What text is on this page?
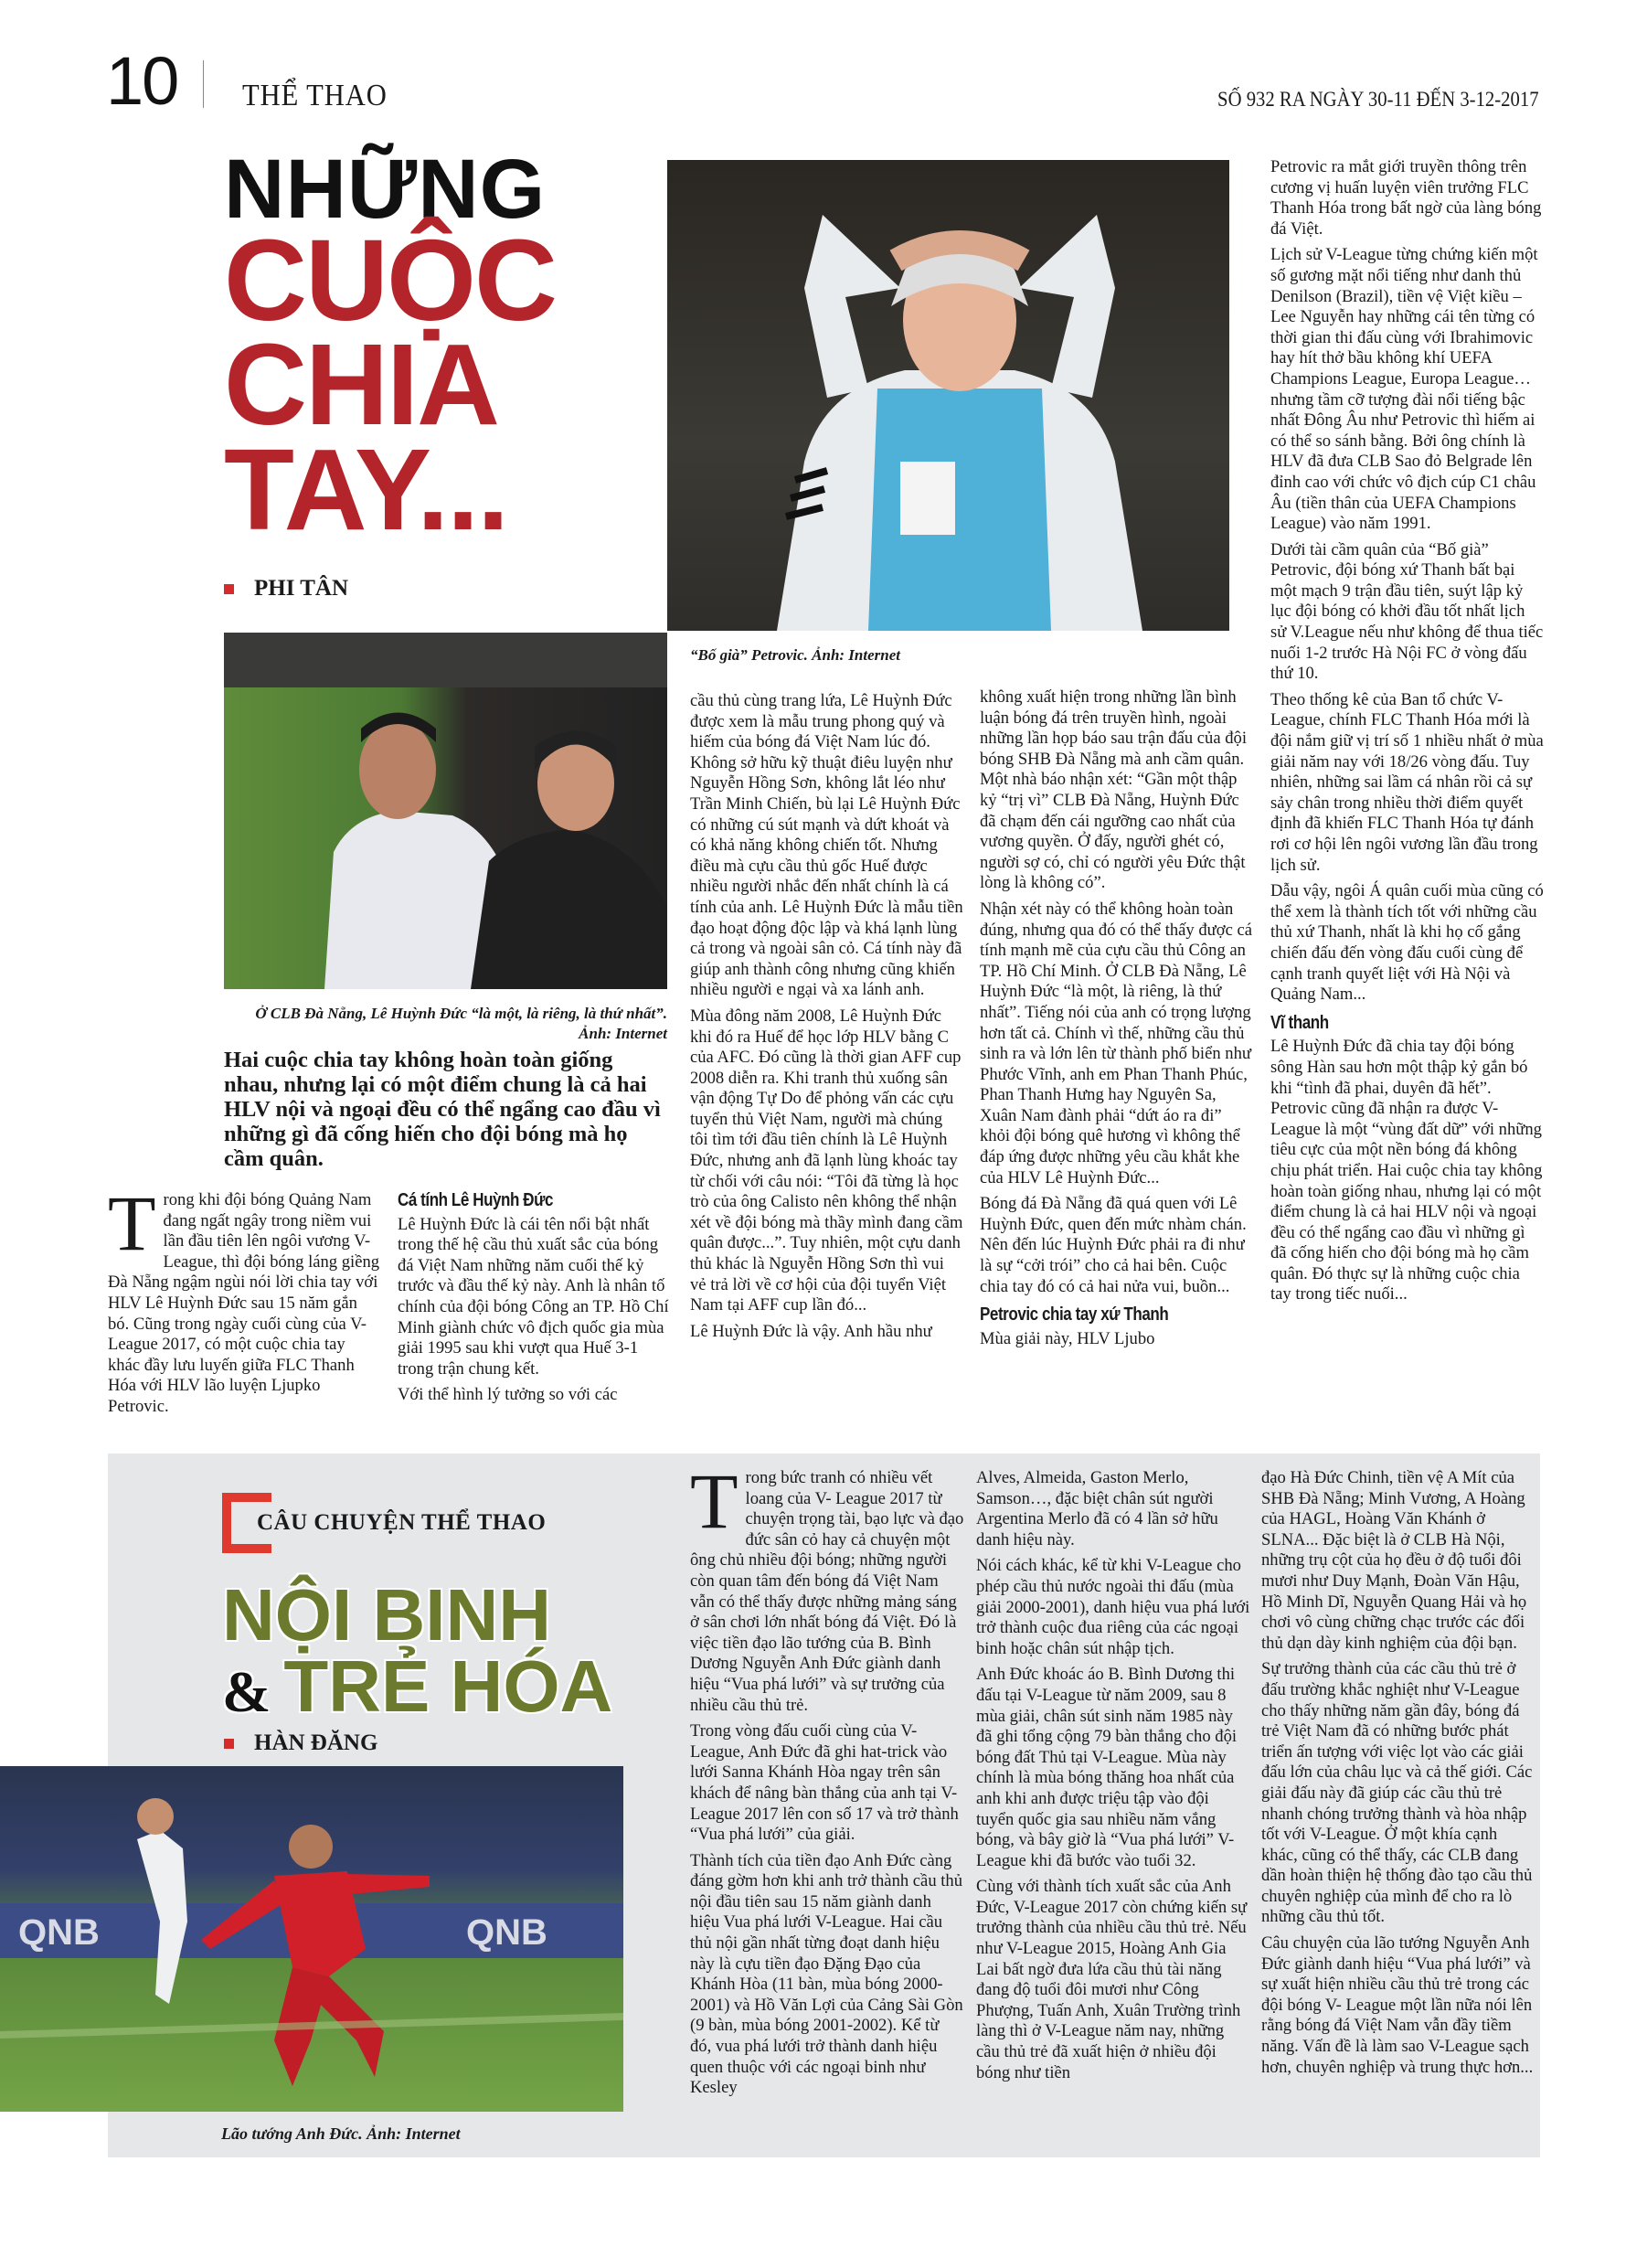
10 THỂ THAO	SỐ 932 RA NGÀY 30-11 ĐẾN 3-12-2017
NHỮNG
CUỘC
CHIA
TAY...
PHI TÂN
“Bố già” Petrovic. Ảnh: Internet
Ở CLB Đà Nẵng, Lê Huỳnh Đức “là một, là riêng, là thứ nhất”. Ảnh: Internet
Hai cuộc chia tay không hoàn toàn giống nhau, nhưng lại có một điểm chung là cả hai HLV nội và ngoại đều có thể ngẩng cao đầu vì những gì đã cống hiến cho đội bóng mà họ cầm quân.

Trong khi đội bóng Quảng Nam đang ngất ngây trong niềm vui lần đầu tiên lên ngôi vương V-League, thì đội bóng láng giềng Đà Nẵng ngậm ngùi nói lời chia tay với HLV Lê Huỳnh Đức sau 15 năm gắn bó. Cũng trong ngày cuối cùng của V-League 2017, có một cuộc chia tay khác đầy lưu luyến giữa FLC Thanh Hóa với HLV lão luyện Ljupko Petrovic.

Cá tính Lê Huỳnh Đức

Lê Huỳnh Đức là cái tên nổi bật nhất trong thế hệ cầu thủ xuất sắc của bóng đá Việt Nam những năm cuối thế kỷ trước và đầu thế kỷ này. Anh là nhân tố chính của đội bóng Công an TP. Hồ Chí Minh giành chức vô địch quốc gia mùa giải 1995 sau khi vượt qua Huế 3-1 trong trận chung kết.

Với thể hình lý tưởng so với các

cầu thủ cùng trang lứa, Lê Huỳnh Đức được xem là mẫu trung phong quý và hiếm của bóng đá Việt Nam lúc đó. Không sở hữu kỹ thuật điêu luyện như Nguyễn Hồng Sơn, không lắt léo như Trần Minh Chiến, bù lại Lê Huỳnh Đức có những cú sút mạnh và dứt khoát và có khả năng không chiến tốt. Nhưng điều mà cựu cầu thủ gốc Huế được nhiều người nhắc đến nhất chính là cá tính của anh. Lê Huỳnh Đức là mẫu tiền đạo hoạt động độc lập và khá lạnh lùng cả trong và ngoài sân cỏ. Cá tính này đã giúp anh thành công nhưng cũng khiến nhiều người e ngại và xa lánh anh.

Mùa đông năm 2008, Lê Huỳnh Đức khi đó ra Huế để học lớp HLV bằng C của AFC. Đó cũng là thời gian AFF cup 2008 diễn ra. Khi tranh thủ xuống sân vận động Tự Do để phỏng vấn các cựu tuyển thủ Việt Nam, người mà chúng tôi tìm tới đầu tiên chính là Lê Huỳnh Đức, nhưng anh đã lạnh lùng khoác tay từ chối với câu nói: “Tôi đã từng là học trò của ông Calisto nên không thể nhận xét về đội bóng mà thầy mình đang cầm quân được...”. Tuy nhiên, một cựu danh thủ khác là Nguyễn Hồng Sơn thì vui vẻ trả lời về cơ hội của đội tuyển Việt Nam tại AFF cup lần đó...

Lê Huỳnh Đức là vậy. Anh hầu như

không xuất hiện trong những lần bình luận bóng đá trên truyền hình, ngoài những lần họp báo sau trận đấu của đội bóng SHB Đà Nẵng mà anh cầm quân. Một nhà báo nhận xét: “Gần một thập kỷ “trị vì” CLB Đà Nẵng, Huỳnh Đức đã chạm đến cái ngưỡng cao nhất của vương quyền. Ở đấy, người ghét có, người sợ có, chỉ có người yêu Đức thật lòng là không có”.

Nhận xét này có thể không hoàn toàn đúng, nhưng qua đó có thể thấy được cá tính mạnh mẽ của cựu cầu thủ Công an TP. Hồ Chí Minh. Ở CLB Đà Nẵng, Lê Huỳnh Đức “là một, là riêng, là thứ nhất”. Tiếng nói của anh có trọng lượng hơn tất cả. Chính vì thế, những cầu thủ sinh ra và lớn lên từ thành phố biển như Phước Vĩnh, anh em Phan Thanh Phúc, Phan Thanh Hưng hay Nguyên Sa, Xuân Nam đành phải “dứt áo ra đi” khỏi đội bóng quê hương vì không thể đáp ứng được những yêu cầu khắt khe của HLV Lê Huỳnh Đức...

Bóng đá Đà Nẵng đã quá quen với Lê Huỳnh Đức, quen đến mức nhàm chán. Nên đến lúc Huỳnh Đức phải ra đi như là sự “cởi trói” cho cả hai bên. Cuộc chia tay đó có cả hai nửa vui, buồn...

Petrovic chia tay xứ Thanh

Mùa giải này, HLV Ljubo

Petrovic ra mắt giới truyền thông trên cương vị huấn luyện viên trưởng FLC Thanh Hóa trong bất ngờ của làng bóng đá Việt.

Lịch sử V-League từng chứng kiến một số gương mặt nổi tiếng như danh thủ Denilson (Brazil), tiền vệ Việt kiều – Lee Nguyễn hay những cái tên từng có thời gian thi đấu cùng với Ibrahimovic hay hít thở bầu không khí UEFA Champions League, Europa League… nhưng tầm cỡ tượng đài nổi tiếng bậc nhất Đông Âu như Petrovic thì hiếm ai có thể so sánh bằng. Bởi ông chính là HLV đã đưa CLB Sao đỏ Belgrade lên đỉnh cao với chức vô địch cúp C1 châu Âu (tiền thân của UEFA Champions League) vào năm 1991.

Dưới tài cầm quân của “Bố già” Petrovic, đội bóng xứ Thanh bất bại một mạch 9 trận đầu tiên, suýt lập kỷ lục đội bóng có khởi đầu tốt nhất lịch sử V.League nếu như không để thua tiếc nuối 1-2 trước Hà Nội FC ở vòng đấu thứ 10.

Theo thống kê của Ban tổ chức V-League, chính FLC Thanh Hóa mới là đội nắm giữ vị trí số 1 nhiều nhất ở mùa giải năm nay với 18/26 vòng đấu. Tuy nhiên, những sai lầm cá nhân rồi cả sự sảy chân trong nhiều thời điểm quyết định đã khiến FLC Thanh Hóa tự đánh rơi cơ hội lên ngôi vương lần đầu trong lịch sử.

Dẫu vậy, ngôi Á quân cuối mùa cũng có thể xem là thành tích tốt với những cầu thủ xứ Thanh, nhất là khi họ cố gắng chiến đấu đến vòng đấu cuối cùng để cạnh tranh quyết liệt với Hà Nội và Quảng Nam...

Vĩ thanh

Lê Huỳnh Đức đã chia tay đội bóng sông Hàn sau hơn một thập kỷ gắn bó khi “tình đã phai, duyên đã hết”. Petrovic cũng đã nhận ra được V-League là một “vùng đất dữ” với những tiêu cực của một nền bóng đá không chịu phát triển. Hai cuộc chia tay không hoàn toàn giống nhau, nhưng lại có một điểm chung là cả hai HLV nội và ngoại đều có thể ngẩng cao đầu vì những gì đã cống hiến cho đội bóng mà họ cầm quân. Đó thực sự là những cuộc chia tay trong tiếc nuối...

CÂU CHUYỆN THỂ THAO
NỘI BINH
& TRẺ HÓA
HÀN ĐĂNG
QNB	QNB
Lão tướng Anh Đức. Ảnh: Internet

Trong bức tranh có nhiều vết loang của V- League 2017 từ chuyện trọng tài, bạo lực và đạo đức sân cỏ hay cả chuyện một ông chủ nhiều đội bóng; những người còn quan tâm đến bóng đá Việt Nam vẫn có thể thấy được những mảng sáng ở sân chơi lớn nhất bóng đá Việt. Đó là việc tiền đạo lão tướng của B. Bình Dương Nguyễn Anh Đức giành danh hiệu “Vua phá lưới” và sự trưởng của nhiều cầu thủ trẻ.

Trong vòng đấu cuối cùng của V-League, Anh Đức đã ghi hat-trick vào lưới Sanna Khánh Hòa ngay trên sân khách để nâng bàn thắng của anh tại V-League 2017 lên con số 17 và trở thành “Vua phá lưới” của giải.

Thành tích của tiền đạo Anh Đức càng đáng gờm hơn khi anh trở thành cầu thủ nội đầu tiên sau 15 năm giành danh hiệu Vua phá lưới V-League. Hai cầu thủ nội gần nhất từng đoạt danh hiệu này là cựu tiền đạo Đặng Đạo của Khánh Hòa (11 bàn, mùa bóng 2000-2001) và Hồ Văn Lợi của Cảng Sài Gòn (9 bàn, mùa bóng 2001-2002). Kể từ đó, vua phá lưới trở thành danh hiệu quen thuộc với các ngoại binh như Kesley

Alves, Almeida, Gaston Merlo, Samson…, đặc biệt chân sút người Argentina Merlo đã có 4 lần sở hữu danh hiệu này.

Nói cách khác, kể từ khi V-League cho phép cầu thủ nước ngoài thi đấu (mùa giải 2000-2001), danh hiệu vua phá lưới trở thành cuộc đua riêng của các ngoại binh hoặc chân sút nhập tịch.

Anh Đức khoác áo B. Bình Dương thi đấu tại V-League từ năm 2009, sau 8 mùa giải, chân sút sinh năm 1985 này đã ghi tổng cộng 79 bàn thắng cho đội bóng đất Thủ tại V-League. Mùa này chính là mùa bóng thăng hoa nhất của anh khi anh được triệu tập vào đội tuyển quốc gia sau nhiều năm vắng bóng, và bây giờ là “Vua phá lưới” V- League khi đã bước vào tuổi 32.

Cùng với thành tích xuất sắc của Anh Đức, V-League 2017 còn chứng kiến sự trưởng thành của nhiều cầu thủ trẻ. Nếu như V-League 2015, Hoàng Anh Gia Lai bất ngờ đưa lứa cầu thủ tài năng đang độ tuổi đôi mươi như Công Phượng, Tuấn Anh, Xuân Trường trình làng thì ở V-League năm nay, những cầu thủ trẻ đã xuất hiện ở nhiều đội bóng như tiền

đạo Hà Đức Chinh, tiền vệ A Mít của SHB Đà Nẵng; Minh Vương, A Hoàng của HAGL, Hoàng Văn Khánh ở SLNA... Đặc biệt là ở CLB Hà Nội, những trụ cột của họ đều ở độ tuổi đôi mươi như Duy Mạnh, Đoàn Văn Hậu, Hồ Minh Dĩ, Nguyễn Quang Hải và họ chơi vô cùng chững chạc trước các đối thủ dạn dày kinh nghiệm của đội bạn.

Sự trưởng thành của các cầu thủ trẻ ở đấu trường khắc nghiệt như V-League cho thấy những năm gần đây, bóng đá trẻ Việt Nam đã có những bước phát triển ấn tượng với việc lọt vào các giải đấu lớn của châu lục và cả thế giới. Các giải đấu này đã giúp các cầu thủ trẻ nhanh chóng trưởng thành và hòa nhập tốt với V-League. Ở một khía cạnh khác, cũng có thể thấy, các CLB đang dần hoàn thiện hệ thống đào tạo cầu thủ chuyên nghiệp của mình để cho ra lò những cầu thủ tốt.

Câu chuyện của lão tướng Nguyễn Anh Đức giành danh hiệu “Vua phá lưới” và sự xuất hiện nhiều cầu thủ trẻ trong các đội bóng V- League một lần nữa nói lên rằng bóng đá Việt Nam vẫn đầy tiềm năng. Vấn đề là làm sao V-League sạch hơn, chuyên nghiệp và trung thực hơn...
